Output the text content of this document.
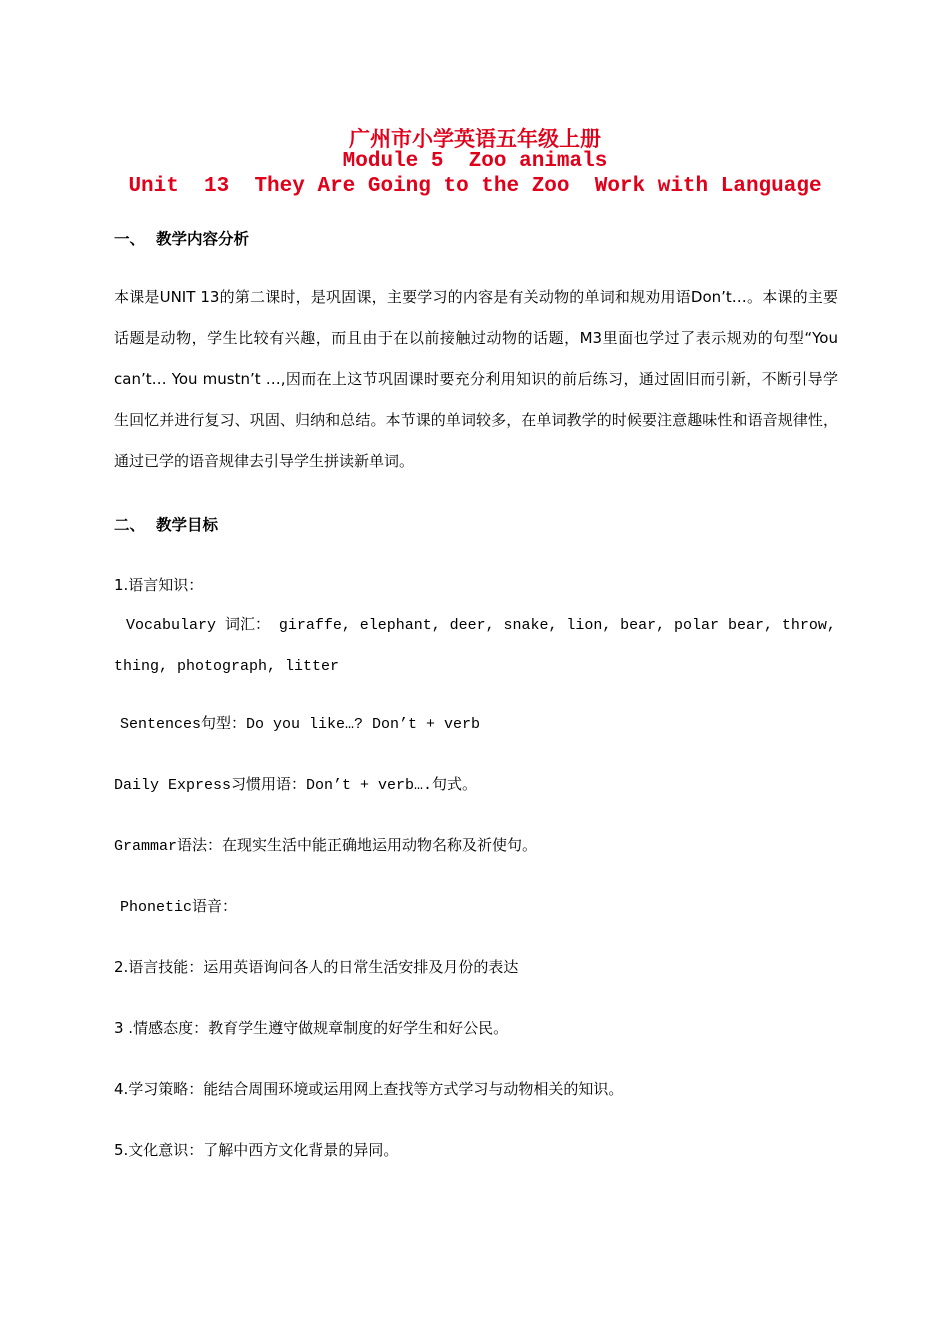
广州市小学英语五年级上册
Module 5  Zoo animals
Unit  13  They Are Going to the Zoo  Work with Language
一、 教学内容分析
本课是UNIT 13的第二课时，是巩固课，主要学习的内容是有关动物的单词和规劝用语Don’t…。本课的主要话题是动物，学生比较有兴趣，而且由于在以前接触过动物的话题，M3里面也学过了表示规劝的句型“You can’t… You mustn’t …,因而在上这节巩固课时要充分利用知识的前后练习，通过固旧而引新，不断引导学生回忆并进行复习、巩固、归纳和总结。本节课的单词较多，在单词教学的时候要注意趣味性和语音规律性，通过已学的语音规律去引导学生拼读新单词。
二、 教学目标
1.语言知识：
Vocabulary 词汇： giraffe, elephant, deer, snake, lion, bear, polar bear, throw,
thing, photograph, litter
Sentences句型：Do you like…? Don’t + verb
Daily Express习惯用语：Don’t + verb….句式。
Grammar语法：在现实生活中能正确地运用动物名称及祈使句。
Phonetic语音：
2.语言技能：运用英语询问各人的日常生活安排及月份的表达
3 .情感态度：教育学生遵守做规章制度的好学生和好公民。
4.学习策略：能结合周围环境或运用网上查找等方式学习与动物相关的知识。
5.文化意识：了解中西方文化背景的异同。
